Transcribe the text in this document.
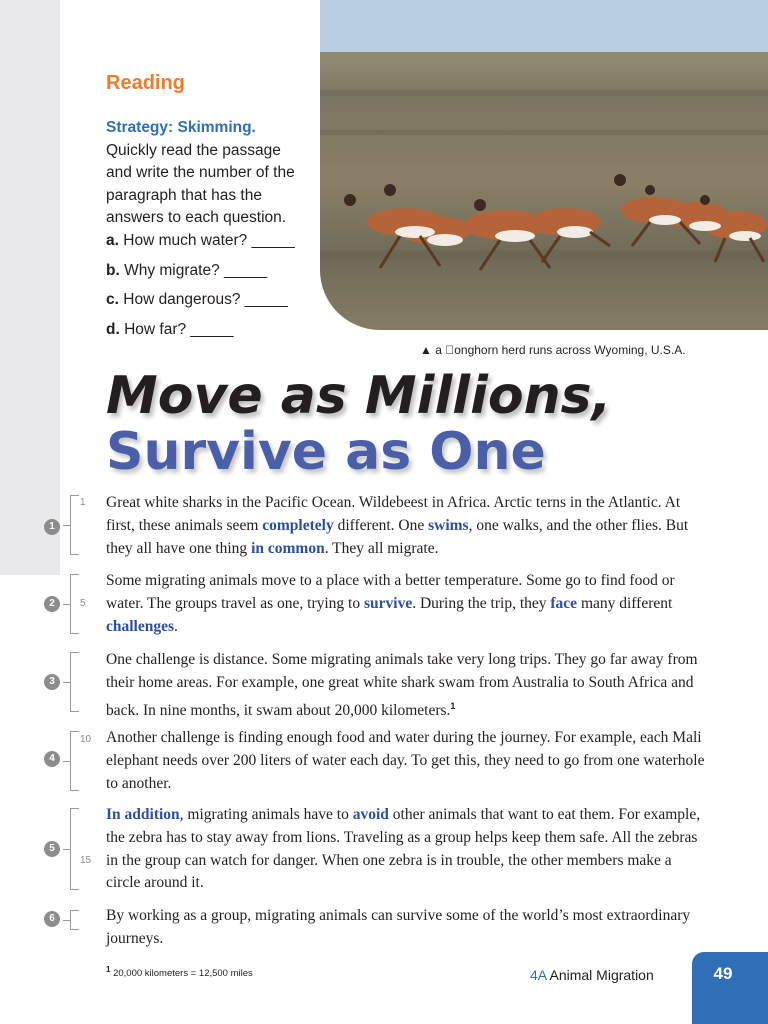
▲ a  onghorn herd runs across Wyoming, U.S.A.
Reading
Strategy: Skimming.
Quickly read the passage and write the number of the paragraph that has the answers to each question.
a. How much water? _____
b. Why migrate? _____
c. How dangerous? _____
d. How far? _____
Move as Millions,
Survive as One
1
1 Great white sharks in the Pacific Ocean. Wildebeest in Africa. Arctic terns in the Atlantic. At first, these animals seem completely different. One swims, one walks, and the other flies. But they all have one thing in common. They all migrate.
2	5
Some migrating animals move to a place with a better temperature. Some go to find food or water. The groups travel as one, trying to survive. During the trip, they face many different challenges.
3
One challenge is distance. Some migrating animals take very long trips. They go far away from their home areas. For example, one great white shark swam from Australia to South Africa and back. In nine months, it swam about 20,000 kilometers.$^1$
4
10 Another challenge is finding enough food and water during the journey. For example, each Mali elephant needs over 200 liters of water each day. To get this, they need to go from one waterhole to another.
5
15
In addition, migrating animals have to avoid other animals that want to eat them. For example, the zebra has to stay away from lions. Traveling as a group helps keep them safe. All the zebras in the group can watch for danger. When one zebra is in trouble, the other members make a circle around it.
6	By working as a group, migrating animals can survive some of the world’s most extraordinary journeys.
$^1$ 20,000 kilometers = 12,500 miles	4A Animal Migration	49
